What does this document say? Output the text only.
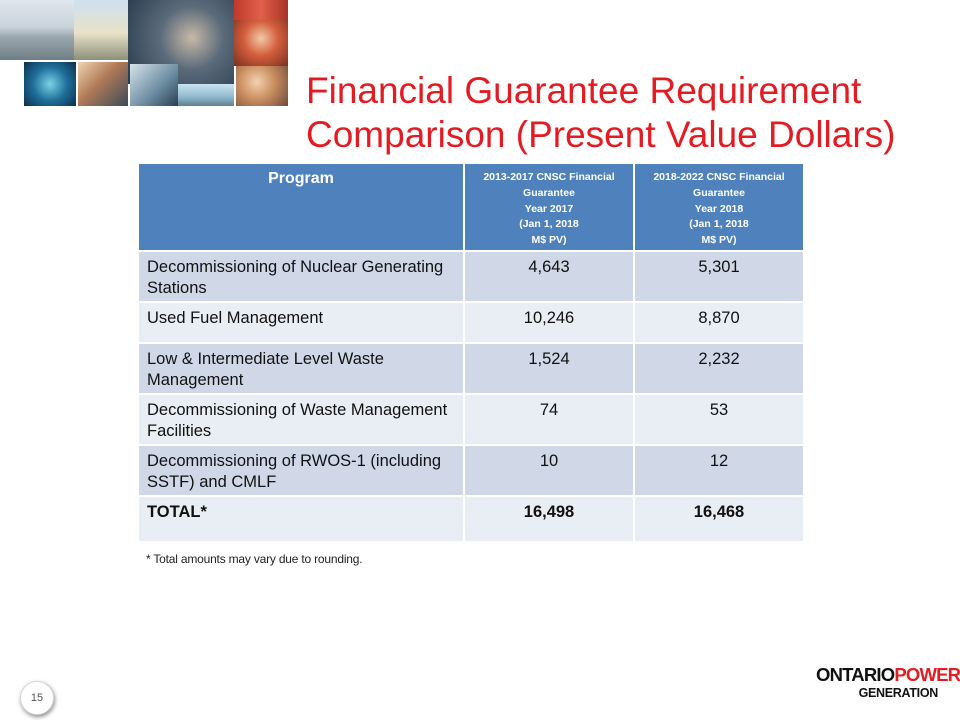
Financial Guarantee Requirement
Comparison (Present Value Dollars)
Program	2013-2017 CNSC Financial
Guarantee
Year 2017
(Jan 1, 2018
M$ PV)	2018-2022 CNSC Financial
Guarantee
Year 2018
(Jan 1, 2018
M$ PV)

Decommissioning of Nuclear Generating Stations	4,643	5,301
Used Fuel Management	10,246	8,870
Low & Intermediate Level Waste Management	1,524	2,232
Decommissioning of Waste Management Facilities	74	53
Decommissioning of RWOS-1 (including SSTF) and CMLF	10	12
TOTAL*	16,498	16,468
* Total amounts may vary due to rounding.
15
ONTARIOPOWER
GENERATION
